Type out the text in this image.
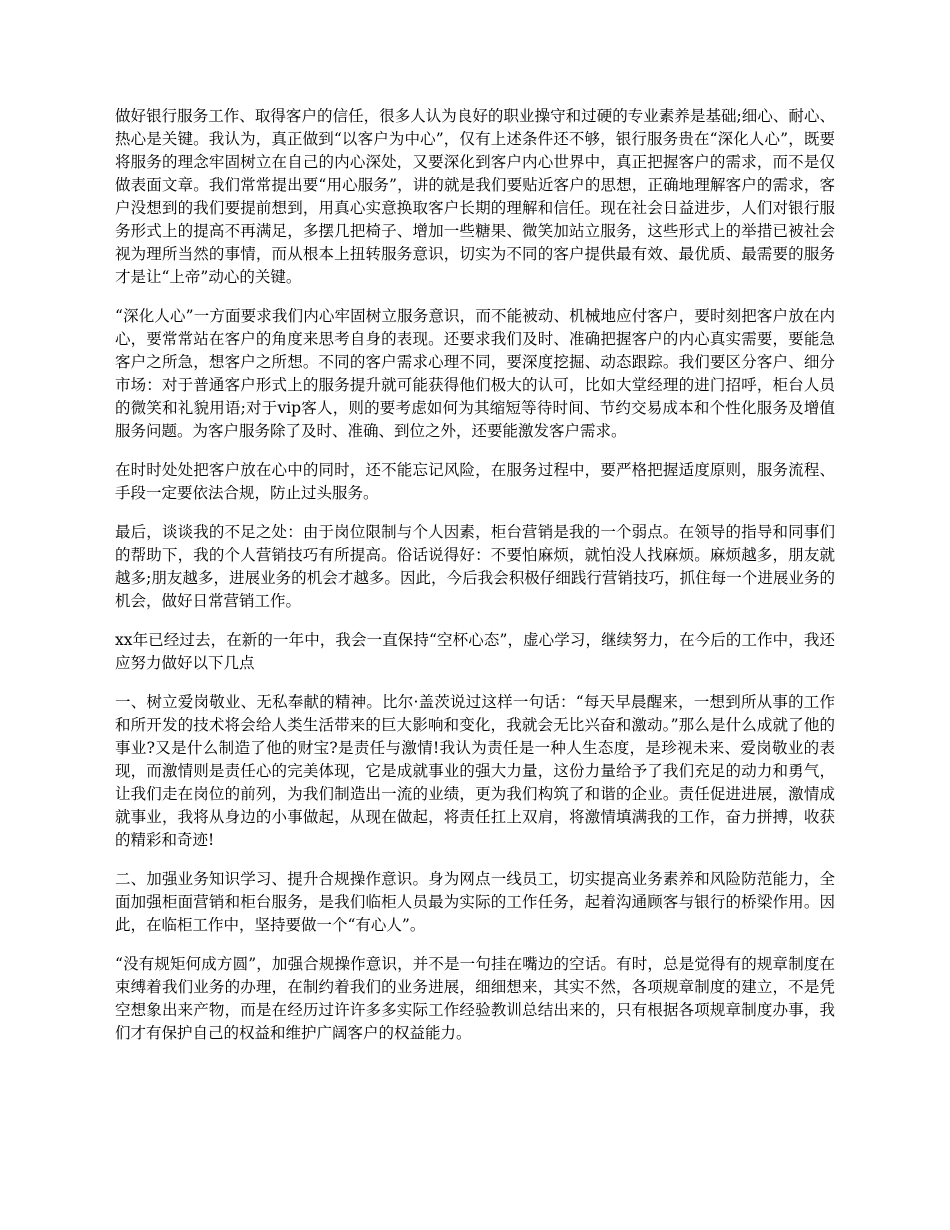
做好银行服务工作、取得客户的信任，很多人认为良好的职业操守和过硬的专业素养是基础;细心、耐心、热心是关键。我认为，真正做到“以客户为中心”，仅有上述条件还不够，银行服务贵在“深化人心”，既要将服务的理念牢固树立在自己的内心深处，又要深化到客户内心世界中，真正把握客户的需求，而不是仅做表面文章。我们常常提出要“用心服务”，讲的就是我们要贴近客户的思想，正确地理解客户的需求，客户没想到的我们要提前想到，用真心实意换取客户长期的理解和信任。现在社会日益进步，人们对银行服务形式上的提高不再满足，多摆几把椅子、增加一些糖果、微笑加站立服务，这些形式上的举措已被社会视为理所当然的事情，而从根本上扭转服务意识，切实为不同的客户提供最有效、最优质、最需要的服务才是让“上帝”动心的关键。

“深化人心”一方面要求我们内心牢固树立服务意识，而不能被动、机械地应付客户，要时刻把客户放在内心，要常常站在客户的角度来思考自身的表现。还要求我们及时、准确把握客户的内心真实需要，要能急客户之所急，想客户之所想。不同的客户需求心理不同，要深度挖掘、动态跟踪。我们要区分客户、细分市场：对于普通客户形式上的服务提升就可能获得他们极大的认可，比如大堂经理的进门招呼，柜台人员的微笑和礼貌用语;对于vip客人，则的要考虑如何为其缩短等待时间、节约交易成本和个性化服务及增值服务问题。为客户服务除了及时、准确、到位之外，还要能激发客户需求。

在时时处处把客户放在心中的同时，还不能忘记风险，在服务过程中，要严格把握适度原则，服务流程、手段一定要依法合规，防止过头服务。

最后，谈谈我的不足之处：由于岗位限制与个人因素，柜台营销是我的一个弱点。在领导的指导和同事们的帮助下，我的个人营销技巧有所提高。俗话说得好：不要怕麻烦，就怕没人找麻烦。麻烦越多，朋友就越多;朋友越多，进展业务的机会才越多。因此，今后我会积极仔细践行营销技巧，抓住每一个进展业务的机会，做好日常营销工作。

xx年已经过去，在新的一年中，我会一直保持“空杯心态”，虚心学习，继续努力，在今后的工作中，我还应努力做好以下几点

一、树立爱岗敬业、无私奉献的精神。比尔·盖茨说过这样一句话：“每天早晨醒来，一想到所从事的工作和所开发的技术将会给人类生活带来的巨大影响和变化，我就会无比兴奋和激动。”那么是什么成就了他的事业?又是什么制造了他的财宝?是责任与激情!我认为责任是一种人生态度，是珍视未来、爱岗敬业的表现，而激情则是责任心的完美体现，它是成就事业的强大力量，这份力量给予了我们充足的动力和勇气，让我们走在岗位的前列，为我们制造出一流的业绩，更为我们构筑了和谐的企业。责任促进进展，激情成就事业，我将从身边的小事做起，从现在做起，将责任扛上双肩，将激情填满我的工作，奋力拼搏，收获的精彩和奇迹!

二、加强业务知识学习、提升合规操作意识。身为网点一线员工，切实提高业务素养和风险防范能力，全面加强柜面营销和柜台服务，是我们临柜人员最为实际的工作任务，起着沟通顾客与银行的桥梁作用。因此，在临柜工作中，坚持要做一个“有心人”。

“没有规矩何成方圆”，加强合规操作意识，并不是一句挂在嘴边的空话。有时，总是觉得有的规章制度在束缚着我们业务的办理，在制约着我们的业务进展，细细想来，其实不然，各项规章制度的建立，不是凭空想象出来产物，而是在经历过许许多多实际工作经验教训总结出来的，只有根据各项规章制度办事，我们才有保护自己的权益和维护广阔客户的权益能力。
